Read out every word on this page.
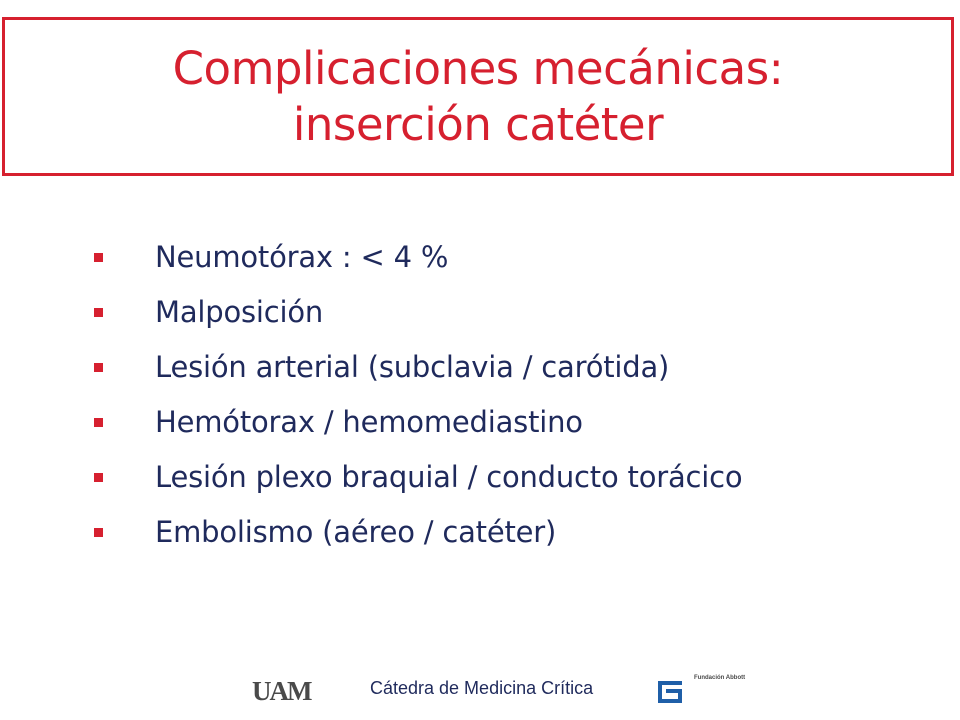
Complicaciones mecánicas:
inserción catéter
Neumotórax : < 4 %
Malposición
Lesión arterial (subclavia / carótida)
Hemótorax / hemomediastino
Lesión plexo braquial / conducto torácico
Embolismo (aéreo / catéter)
UAM	Cátedra de Medicina Crítica	Fundación Abbott
